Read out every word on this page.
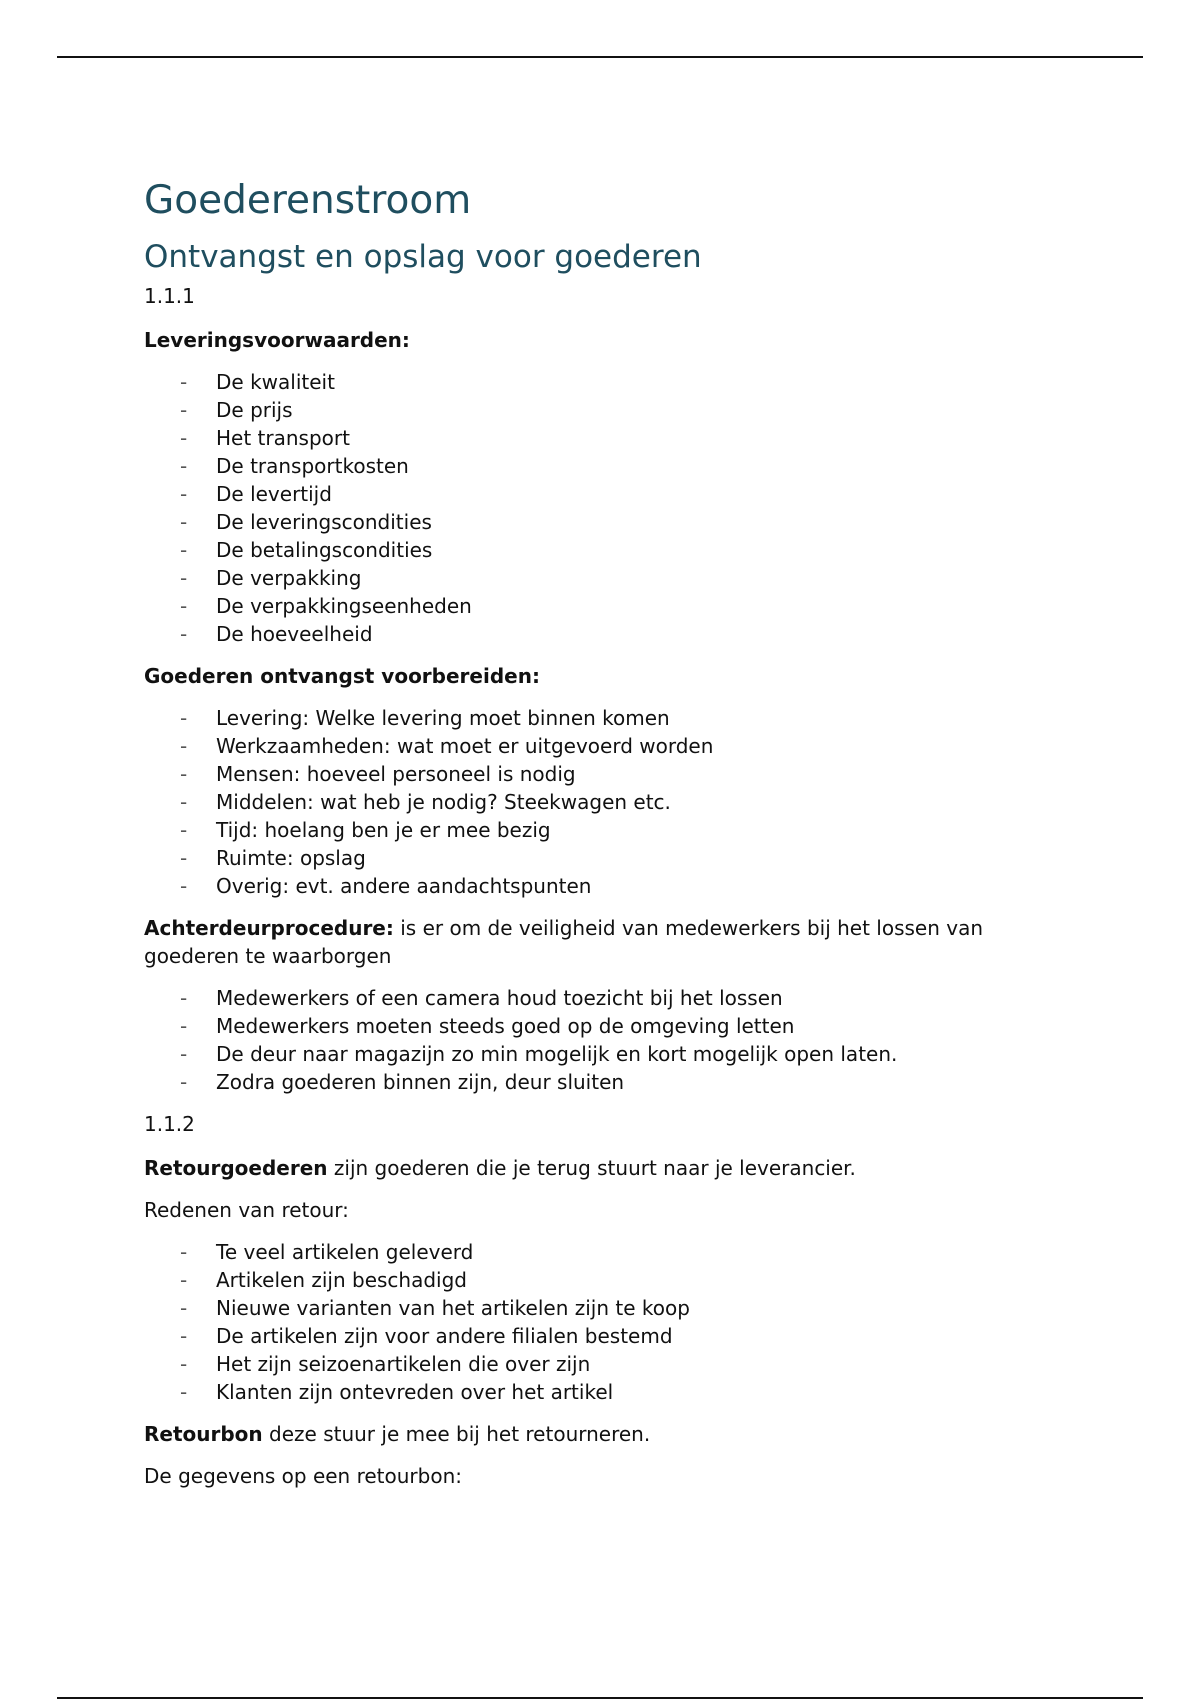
Goederenstroom
Ontvangst en opslag voor goederen

1.1.1

Leveringsvoorwaarden:

- De kwaliteit
- De prijs
- Het transport
- De transportkosten
- De levertijd
- De leveringscondities
- De betalingscondities
- De verpakking
- De verpakkingseenheden
- De hoeveelheid

Goederen ontvangst voorbereiden:

- Levering: Welke levering moet binnen komen
- Werkzaamheden: wat moet er uitgevoerd worden
- Mensen: hoeveel personeel is nodig
- Middelen: wat heb je nodig? Steekwagen etc.
- Tijd: hoelang ben je er mee bezig
- Ruimte: opslag
- Overig: evt. andere aandachtspunten

Achterdeurprocedure: is er om de veiligheid van medewerkers bij het lossen van goederen te waarborgen

- Medewerkers of een camera houd toezicht bij het lossen
- Medewerkers moeten steeds goed op de omgeving letten
- De deur naar magazijn zo min mogelijk en kort mogelijk open laten.
- Zodra goederen binnen zijn, deur sluiten

1.1.2

Retourgoederen zijn goederen die je terug stuurt naar je leverancier.

Redenen van retour:

- Te veel artikelen geleverd
- Artikelen zijn beschadigd
- Nieuwe varianten van het artikelen zijn te koop
- De artikelen zijn voor andere filialen bestemd
- Het zijn seizoenartikelen die over zijn
- Klanten zijn ontevreden over het artikel

Retourbon deze stuur je mee bij het retourneren.

De gegevens op een retourbon:
